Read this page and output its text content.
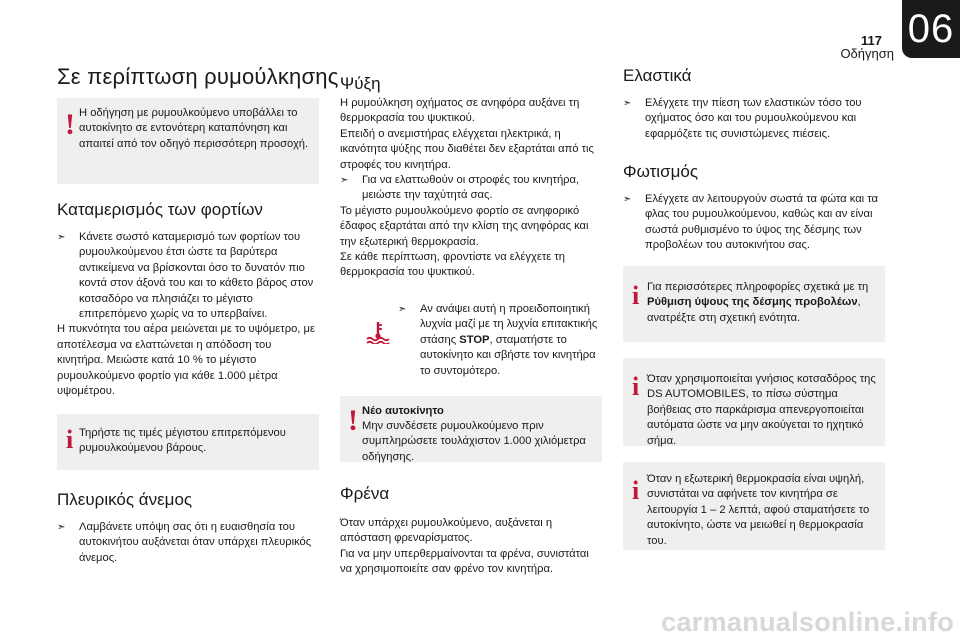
117
Οδήγηση
06
Σε περίπτωση ρυμούλκησης
! Η οδήγηση με ρυμουλκούμενο υποβάλλει το αυτοκίνητο σε εντονότερη καταπόνηση και απαιτεί από τον οδηγό περισσότερη προσοχή.

Καταμερισμός των φορτίων
➣ Κάνετε σωστό καταμερισμό των φορτίων του ρυμουλκούμενου έτσι ώστε τα βαρύτερα αντικείμενα να βρίσκονται όσο το δυνατόν πιο κοντά στον άξονά του και το κάθετο βάρος στον κοτσαδόρο να πλησιάζει το μέγιστο επιτρεπόμενο χωρίς να το υπερβαίνει.

Η πυκνότητα του αέρα μειώνεται με το υψόμετρο, με αποτέλεσμα να ελαττώνεται η απόδοση του κινητήρα. Μειώστε κατά 10 % το μέγιστο ρυμουλκούμενο φορτίο για κάθε 1.000 μέτρα υψομέτρου.

i Τηρήστε τις τιμές μέγιστου επιτρεπόμενου ρυμουλκούμενου βάρους.

Πλευρικός άνεμος
➣ Λαμβάνετε υπόψη σας ότι η ευαισθησία του αυτοκινήτου αυξάνεται όταν υπάρχει πλευρικός άνεμος.
Ψύξη

Η ρυμούλκηση οχήματος σε ανηφόρα αυξάνει τη θερμοκρασία του ψυκτικού.

Επειδή ο ανεμιστήρας ελέγχεται ηλεκτρικά, η ικανότητα ψύξης που διαθέτει δεν εξαρτάται από τις στροφές του κινητήρα.

➣ Για να ελαττωθούν οι στροφές του κινητήρα, μειώστε την ταχύτητά σας.

Το μέγιστο ρυμουλκούμενο φορτίο σε ανηφορικό έδαφος εξαρτάται από την κλίση της ανηφόρας και την εξωτερική θερμοκρασία.

Σε κάθε περίπτωση, φροντίστε να ελέγχετε τη θερμοκρασία του ψυκτικού.

➣ Αν ανάψει αυτή η προειδοποιητική λυχνία μαζί με τη λυχνία επιτακτικής στάσης STOP, σταματήστε το αυτοκίνητο και σβήστε τον κινητήρα το συντομότερο.
! Νέο αυτοκίνητο

Μην συνδέσετε ρυμουλκούμενο πριν συμπληρώσετε τουλάχιστον 1.000 χιλιόμετρα οδήγησης.

Φρένα

Όταν υπάρχει ρυμουλκούμενο, αυξάνεται η απόσταση φρεναρίσματος.

Για να μην υπερθερμαίνονται τα φρένα, συνιστάται να χρησιμοποιείτε σαν φρένο τον κινητήρα.

Ελαστικά
➣ Ελέγχετε την πίεση των ελαστικών τόσο του οχήματος όσο και του ρυμουλκούμενου και εφαρμόζετε τις συνιστώμενες πιέσεις.
Φωτισμός
➣ Ελέγχετε αν λειτουργούν σωστά τα φώτα και τα φλας του ρυμουλκούμενου, καθώς και αν είναι σωστά ρυθμισμένο το ύψος της δέσμης των προβολέων του αυτοκινήτου σας.
i Για περισσότερες πληροφορίες σχετικά με τη Ρύθμιση ύψους της δέσμης προβολέων, ανατρέξτε στη σχετική ενότητα.

i Όταν χρησιμοποιείται γνήσιος κοτσαδόρος της DS AUTOMOBILES, το πίσω σύστημα βοήθειας στο παρκάρισμα απενεργοποιείται αυτόματα ώστε να μην ακούγεται το ηχητικό σήμα.

i Όταν η εξωτερική θερμοκρασία είναι υψηλή, συνιστάται να αφήνετε τον κινητήρα σε λειτουργία 1 – 2 λεπτά, αφού σταματήσετε το αυτοκίνητο, ώστε να μειωθεί η θερμοκρασία του.

carmanualsonline.info
